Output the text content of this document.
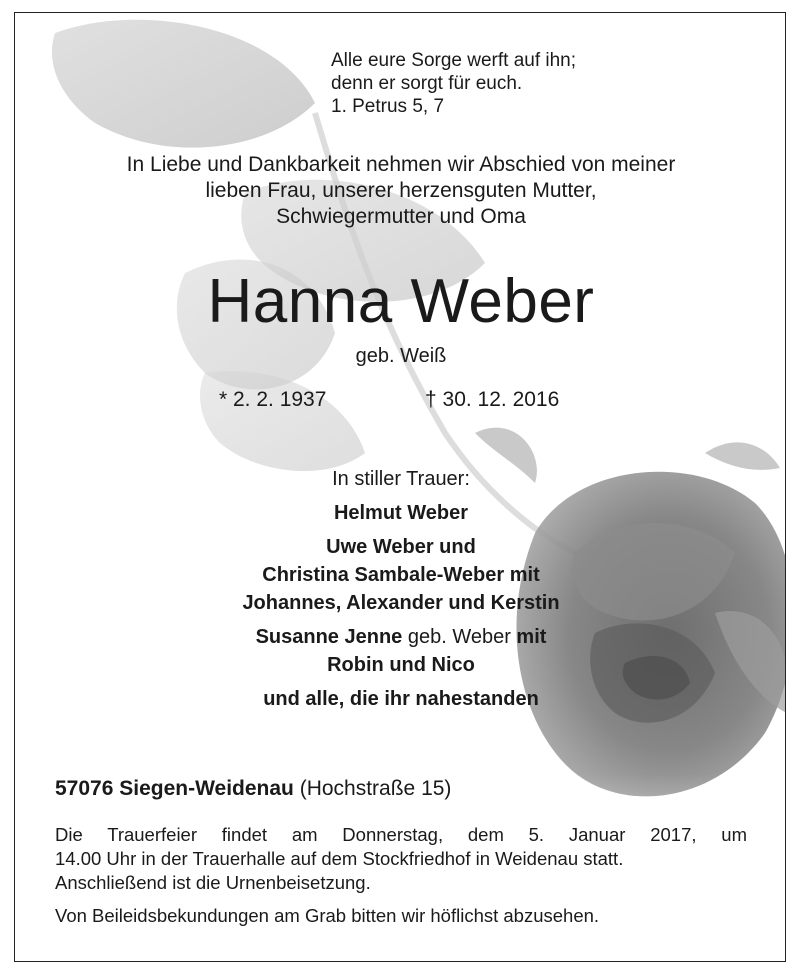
Alle eure Sorge werft auf ihn;
denn er sorgt für euch.
1. Petrus 5, 7
In Liebe und Dankbarkeit nehmen wir Abschied von meiner
lieben Frau, unserer herzensguten Mutter,
Schwiegermutter und Oma
Hanna Weber
geb. Weiß
* 2. 2. 1937	† 30. 12. 2016
In stiller Trauer:
Helmut Weber
Uwe Weber und
Christina Sambale-Weber mit
Johannes, Alexander und Kerstin
Susanne Jenne geb. Weber mit
Robin und Nico
und alle, die ihr nahestanden
57076 Siegen-Weidenau (Hochstraße 15)
Die Trauerfeier findet am Donnerstag, dem 5. Januar 2017, um
14.00 Uhr in der Trauerhalle auf dem Stockfriedhof in Weidenau statt.
Anschließend ist die Urnenbeisetzung.
Von Beileidsbekundungen am Grab bitten wir höflichst abzusehen.
